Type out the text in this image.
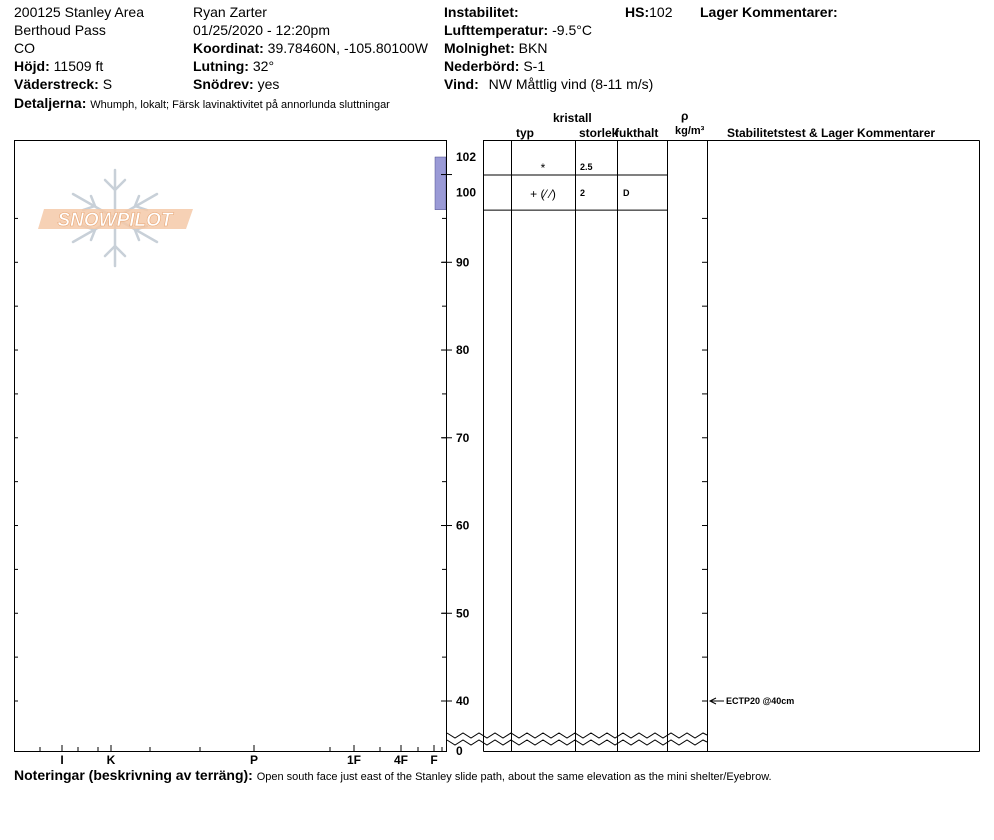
200125 Stanley Area
Berthoud Pass
CO
Höjd: 11509 ft
Väderstreck: S
Detaljerna: Whumph, lokalt; Färsk lavinaktivitet på annorlunda sluttningar
Ryan Zarter
01/25/2020 - 12:20pm
Koordinat: 39.78460N, -105.80100W
Lutning: 32°
Snödrev: yes
Instabilitet:
Lufttemperatur: -9.5°C
Molnighet: BKN
Nederbörd: S-1
Vind: NW Måttlig vind (8-11 m/s)
HS:102 Lager Kommentarer:
kristall
typ	storlek
fukthalt
ρ
kg/m³ Stabilitetstest & Lager Kommentarer
SNOWPILOT
I	K	P	1F	4F F
0
40
50
60
70
80
90
100
102
*	2.5
+ (⁄ ⁄)	2	D
ECTP20 @40cm
Noteringar (beskrivning av terräng): Open south face just east of the Stanley slide path, about the same elevation as the mini shelter/Eyebrow.
